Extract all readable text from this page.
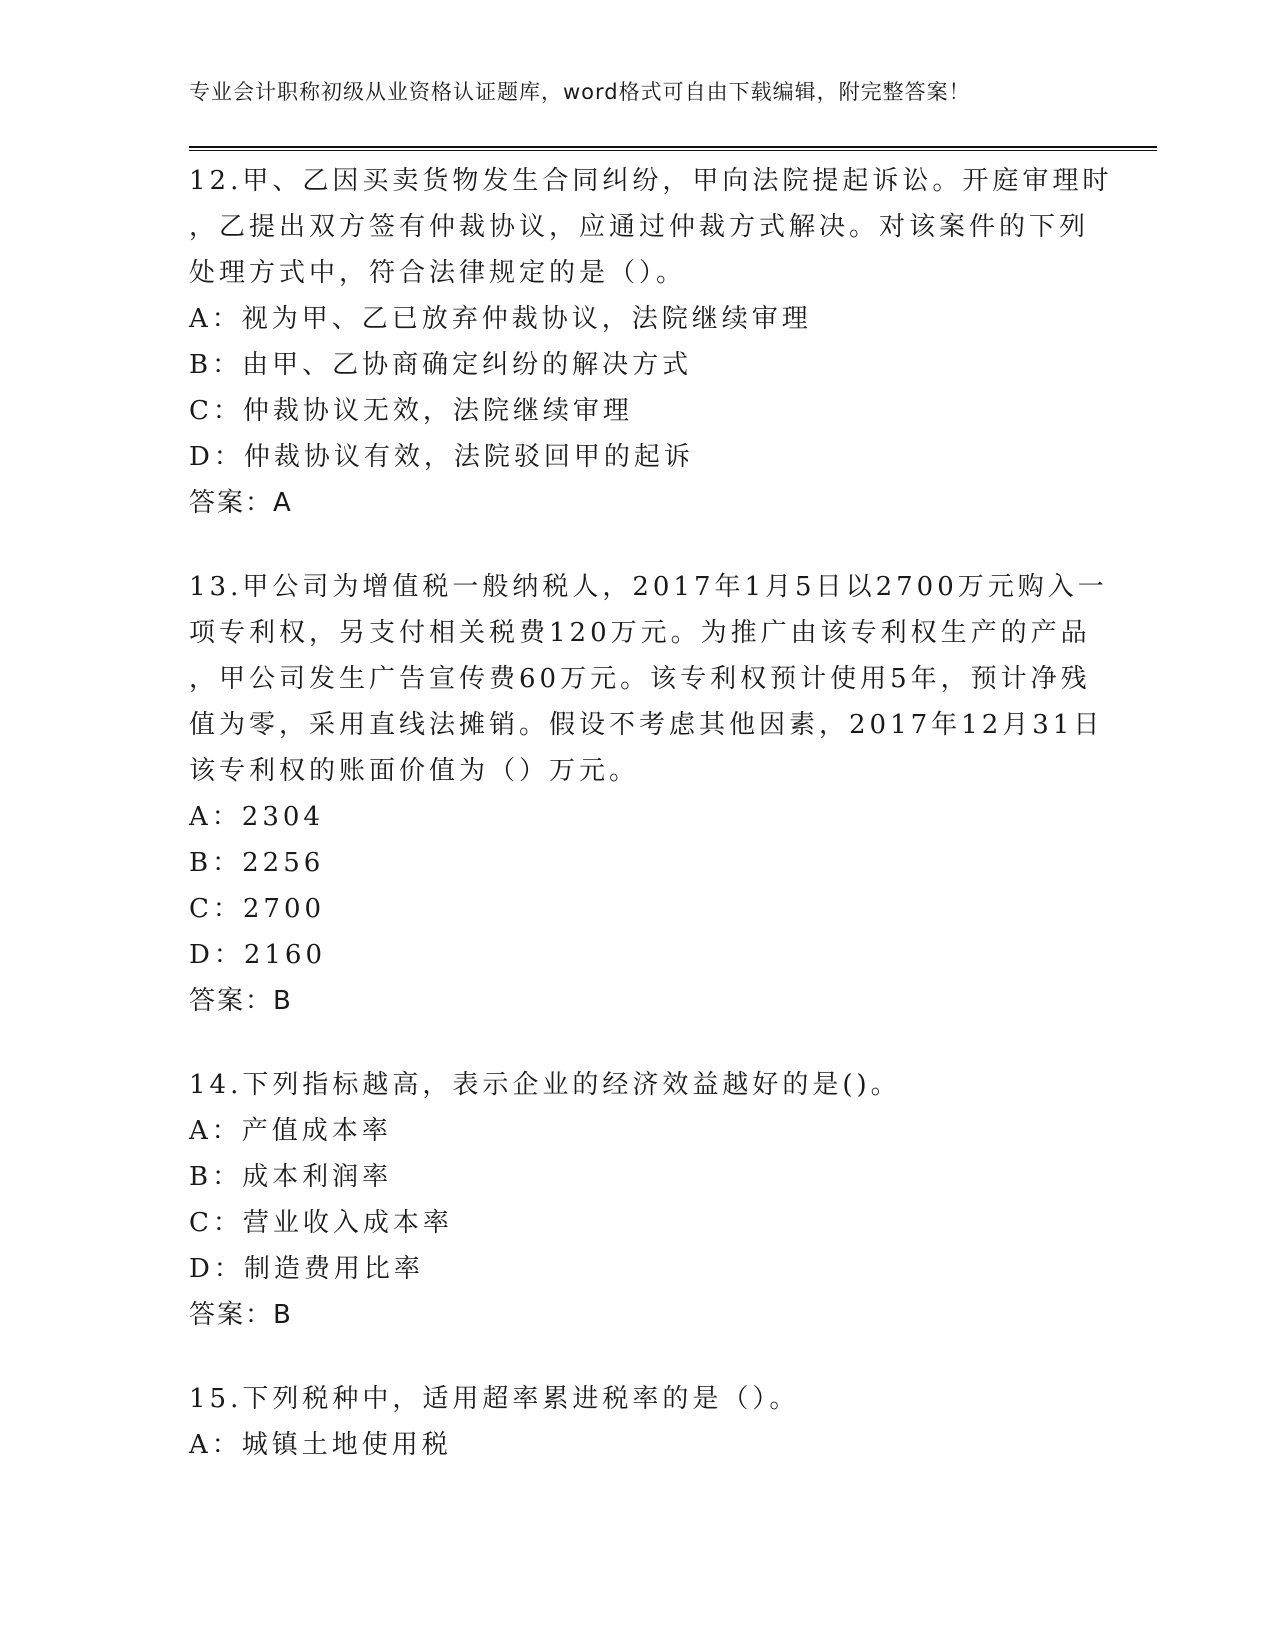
专业会计职称初级从业资格认证题库，word格式可自由下载编辑，附完整答案！
12.甲、乙因买卖货物发生合同纠纷，甲向法院提起诉讼。开庭审理时
，乙提出双方签有仲裁协议，应通过仲裁方式解决。对该案件的下列
处理方式中，符合法律规定的是（）。
A：视为甲、乙已放弃仲裁协议，法院继续审理
B：由甲、乙协商确定纠纷的解决方式
C：仲裁协议无效，法院继续审理
D：仲裁协议有效，法院驳回甲的起诉
答案：A
13.甲公司为增值税一般纳税人，2017年1月5日以2700万元购入一
项专利权，另支付相关税费120万元。为推广由该专利权生产的产品
，甲公司发生广告宣传费60万元。该专利权预计使用5年，预计净残
值为零，采用直线法摊销。假设不考虑其他因素，2017年12月31日
该专利权的账面价值为（）万元。
A：2304
B：2256
C：2700
D：2160
答案：B
14.下列指标越高，表示企业的经济效益越好的是()。
A：产值成本率
B：成本利润率
C：营业收入成本率
D：制造费用比率
答案：B
15.下列税种中，适用超率累进税率的是（）。
A：城镇土地使用税
